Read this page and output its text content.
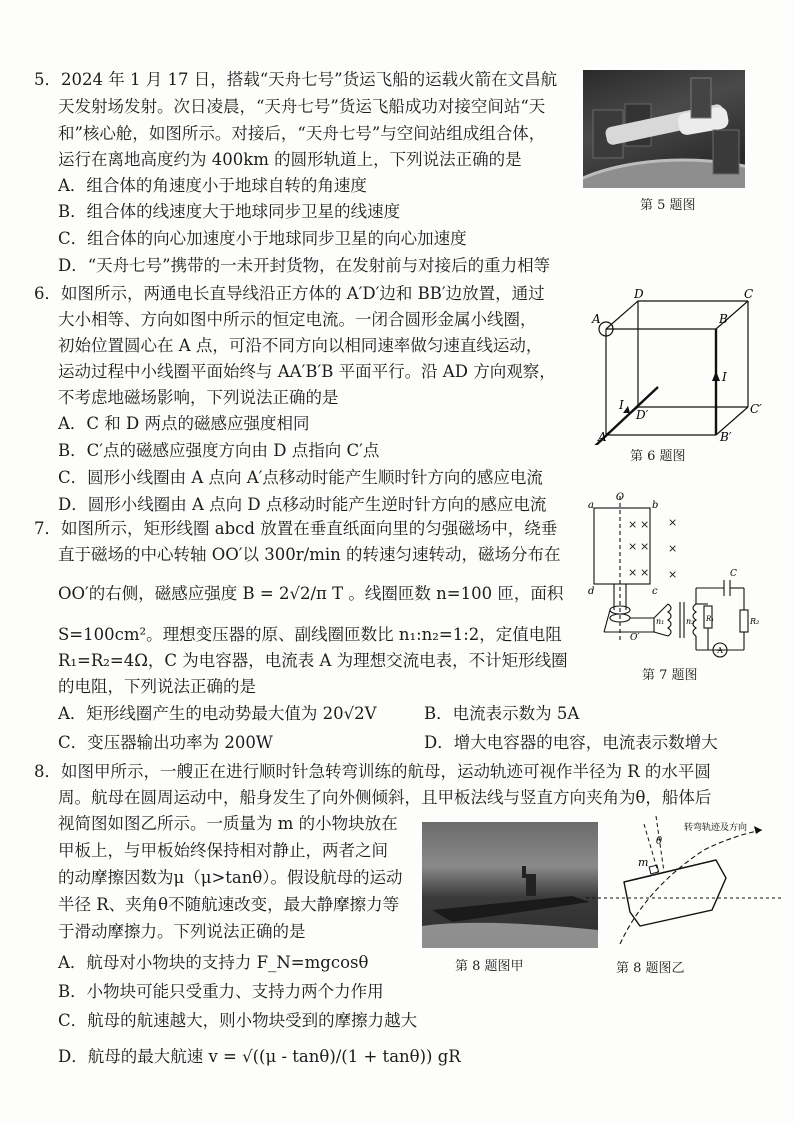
5．2024 年 1 月 17 日，搭载“天舟七号”货运飞船的运载火箭在文昌航
天发射场发射。次日凌晨，“天舟七号”货运飞船成功对接空间站“天
和”核心舱，如图所示。对接后，“天舟七号”与空间站组成组合体，
运行在离地高度约为 400km 的圆形轨道上，下列说法正确的是
A．组合体的角速度小于地球自转的角速度
B．组合体的线速度大于地球同步卫星的线速度
C．组合体的向心加速度小于地球同步卫星的向心加速度
D．“天舟七号”携带的一未开封货物，在发射前与对接后的重力相等
第 5 题图
6．如图所示，两通电长直导线沿正方体的 A′D′边和 BB′边放置，通过
大小相等、方向如图中所示的恒定电流。一闭合圆形金属小线圈，
初始位置圆心在 A 点，可沿不同方向以相同速率做匀速直线运动，
运动过程中小线圈平面始终与 AA′B′B 平面平行。沿 AD 方向观察，
不考虑地磁场影响，下列说法正确的是
A．C 和 D 两点的磁感应强度相同
B．C′点的磁感应强度方向由 D 点指向 C′点
C．圆形小线圈由 A 点向 A′点移动时能产生顺时针方向的感应电流
D．圆形小线圈由 A 点向 D 点移动时能产生逆时针方向的感应电流
D	C
A	B
I
I
D′	C′
A′	B′
第 6 题图
7．如图所示，矩形线圈 abcd 放置在垂直纸面向里的匀强磁场中，绕垂
直于磁场的中心转轴 OO′以 300r/min 的转速匀速转动，磁场分布在
OO′的右侧，磁感应强度 B = 2√2/π T 。线圈匝数 n=100 匝，面积
S=100cm²。理想变压器的原、副线圈匝数比 n₁:n₂=1:2，定值电阻
R₁=R₂=4Ω，C 为电容器，电流表 A 为理想交流电表，不计矩形线圈
的电阻，下列说法正确的是
A．矩形线圈产生的电动势最大值为 20√2V	B．电流表示数为 5A
C．变压器输出功率为 200W	D．增大电容器的电容，电流表示数增大
O
O′
a	b
c
d
n₁	n₂ R₁	R₂
C
A
× × ×
× × ×
× × ×
第 7 题图
8．如图甲所示，一艘正在进行顺时针急转弯训练的航母，运动轨迹可视作半径为 R 的水平圆
周。航母在圆周运动中，船身发生了向外侧倾斜，且甲板法线与竖直方向夹角为θ，船体后
视简图如图乙所示。一质量为 m 的小物块放在
甲板上，与甲板始终保持相对静止，两者之间
的动摩擦因数为μ（μ>tanθ）。假设航母的运动
半径 R、夹角θ不随航速改变，最大静摩擦力等
于滑动摩擦力。下列说法正确的是
A．航母对小物块的支持力 F_N=mgcosθ
B．小物块可能只受重力、支持力两个力作用
C．航母的航速越大，则小物块受到的摩擦力越大
D．航母的最大航速 v = √((μ - tanθ)/(1 + tanθ)) gR
第 8 题图甲
转弯轨迹及方向
m
θ
第 8 题图乙
